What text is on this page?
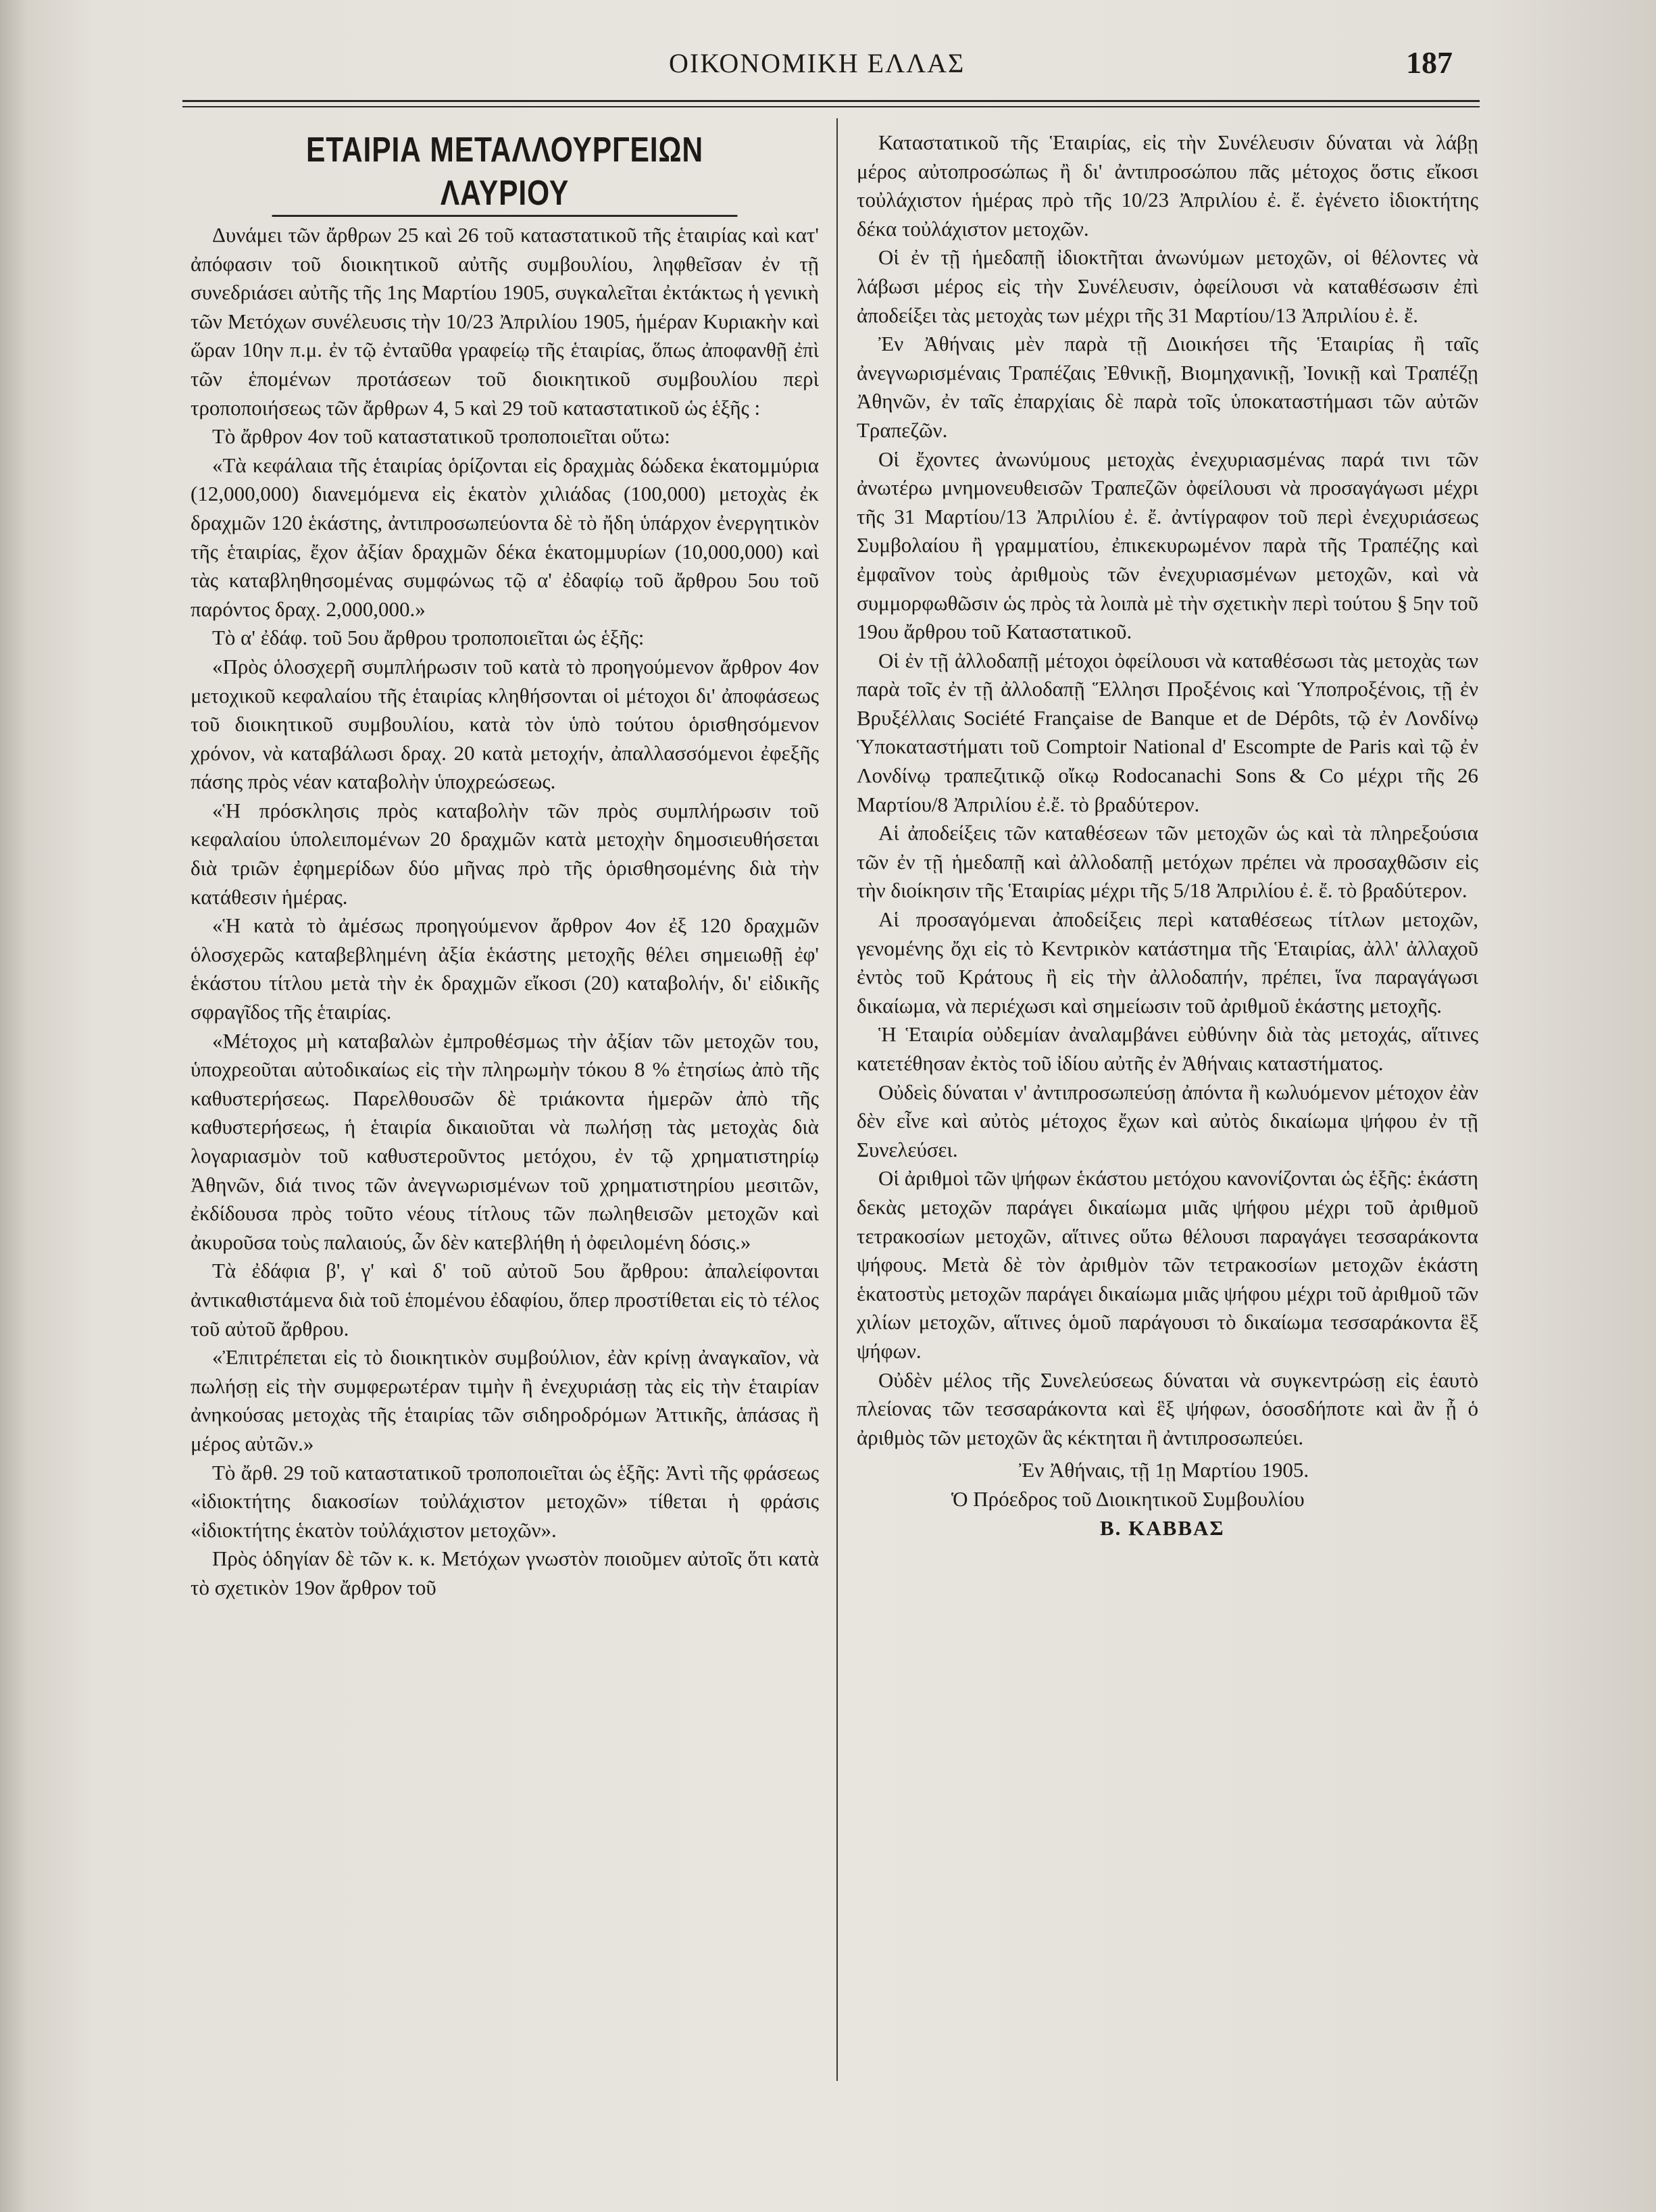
ΟΙΚΟΝΟΜΙΚΗ ΕΛΛΑΣ	187
ΕΤΑΙΡΙΑ ΜΕΤΑΛΛΟΥΡΓΕΙΩΝ ΛΑΥΡΙΟΥ

Δυνάμει τῶν ἄρθρων 25 καὶ 26 τοῦ καταστατικοῦ τῆς ἑταιρίας καὶ κατ' ἀπόφασιν τοῦ διοικητικοῦ αὐτῆς συμβουλίου, ληφθεῖσαν ἐν τῇ συνεδριάσει αὐτῆς τῆς 1ης Μαρτίου 1905, συγκαλεῖται ἐκτάκτως ἡ γενικὴ τῶν Μετόχων συνέλευσις τὴν 10/23 Ἀπριλίου 1905, ἡμέραν Κυριακὴν καὶ ὥραν 10ην π.μ. ἐν τῷ ἐνταῦθα γραφείῳ τῆς ἑταιρίας, ὅπως ἀποφανθῇ ἐπὶ τῶν ἑπομένων προτάσεων τοῦ διοικητικοῦ συμβουλίου περὶ τροποποιήσεως τῶν ἄρθρων 4, 5 καὶ 29 τοῦ καταστατικοῦ ὡς ἑξῆς :

Τὸ ἄρθρον 4ον τοῦ καταστατικοῦ τροποποιεῖται οὕτω:

«Τὰ κεφάλαια τῆς ἑταιρίας ὁρίζονται εἰς δραχμὰς δώδεκα ἑκατομμύρια (12,000,000) διανεμόμενα εἰς ἑκατὸν χιλιάδας (100,000) μετοχὰς ἐκ δραχμῶν 120 ἑκάστης, ἀντιπροσωπεύοντα δὲ τὸ ἤδη ὑπάρχον ἐνεργητικὸν τῆς ἑταιρίας, ἔχον ἀξίαν δραχμῶν δέκα ἑκατομμυρίων (10,000,000) καὶ τὰς καταβληθησομένας συμφώνως τῷ α' ἐδαφίῳ τοῦ ἄρθρου 5ου τοῦ παρόντος δραχ. 2,000,000.»

Τὸ α' ἐδάφ. τοῦ 5ου ἄρθρου τροποποιεῖται ὡς ἑξῆς:

«Πρὸς ὁλοσχερῆ συμπλήρωσιν τοῦ κατὰ τὸ προηγούμενον ἄρθρον 4ον μετοχικοῦ κεφαλαίου τῆς ἑταιρίας κληθήσονται οἱ μέτοχοι δι' ἀποφάσεως τοῦ διοικητικοῦ συμβουλίου, κατὰ τὸν ὑπὸ τούτου ὁρισθησόμενον χρόνον, νὰ καταβάλωσι δραχ. 20 κατὰ μετοχήν, ἀπαλλασσόμενοι ἐφεξῆς πάσης πρὸς νέαν καταβολὴν ὑποχρεώσεως.

«Ἡ πρόσκλησις πρὸς καταβολὴν τῶν πρὸς συμπλήρωσιν τοῦ κεφαλαίου ὑπολειπομένων 20 δραχμῶν κατὰ μετοχὴν δημοσιευθήσεται διὰ τριῶν ἐφημερίδων δύο μῆνας πρὸ τῆς ὁρισθησομένης διὰ τὴν κατάθεσιν ἡμέρας.

«Ἡ κατὰ τὸ ἀμέσως προηγούμενον ἄρθρον 4ον ἐξ 120 δραχμῶν ὁλοσχερῶς καταβεβλημένη ἀξία ἑκάστης μετοχῆς θέλει σημειωθῇ ἐφ' ἑκάστου τίτλου μετὰ τὴν ἐκ δραχμῶν εἴκοσι (20) καταβολήν, δι' εἰδικῆς σφραγῖδος τῆς ἑταιρίας.

«Μέτοχος μὴ καταβαλὼν ἐμπροθέσμως τὴν ἀξίαν τῶν μετοχῶν του, ὑποχρεοῦται αὐτοδικαίως εἰς τὴν πληρωμὴν τόκου 8 % ἐτησίως ἀπὸ τῆς καθυστερήσεως. Παρελθουσῶν δὲ τριάκοντα ἡμερῶν ἀπὸ τῆς καθυστερήσεως, ἡ ἑταιρία δικαιοῦται νὰ πωλήσῃ τὰς μετοχὰς διὰ λογαριασμὸν τοῦ καθυστεροῦντος μετόχου, ἐν τῷ χρηματιστηρίῳ Ἀθηνῶν, διά τινος τῶν ἀνεγνωρισμένων τοῦ χρηματιστηρίου μεσιτῶν, ἐκδίδουσα πρὸς τοῦτο νέους τίτλους τῶν πωληθεισῶν μετοχῶν καὶ ἀκυροῦσα τοὺς παλαιούς, ὧν δὲν κατεβλήθη ἡ ὀφειλομένη δόσις.»

Τὰ ἐδάφια β', γ' καὶ δ' τοῦ αὐτοῦ 5ου ἄρθρου: ἀπαλείφονται ἀντικαθιστάμενα διὰ τοῦ ἑπομένου ἐδαφίου, ὅπερ προστίθεται εἰς τὸ τέλος τοῦ αὐτοῦ ἄρθρου.

«Ἐπιτρέπεται εἰς τὸ διοικητικὸν συμβούλιον, ἐὰν κρίνῃ ἀναγκαῖον, νὰ πωλήσῃ εἰς τὴν συμφερωτέραν τιμὴν ἢ ἐνεχυριάσῃ τὰς εἰς τὴν ἑταιρίαν ἀνηκούσας μετοχὰς τῆς ἑταιρίας τῶν σιδηροδρόμων Ἀττικῆς, ἁπάσας ἢ μέρος αὐτῶν.»

Τὸ ἄρθ. 29 τοῦ καταστατικοῦ τροποποιεῖται ὡς ἑξῆς: Ἀντὶ τῆς φράσεως «ἰδιοκτήτης διακοσίων τοὐλάχιστον μετοχῶν» τίθεται ἡ φράσις «ἰδιοκτήτης ἑκατὸν τοὐλάχιστον μετοχῶν».

Πρὸς ὁδηγίαν δὲ τῶν κ. κ. Μετόχων γνωστὸν ποιοῦμεν αὐτοῖς ὅτι κατὰ τὸ σχετικὸν 19ον ἄρθρον τοῦ

Καταστατικοῦ τῆς Ἑταιρίας, εἰς τὴν Συνέλευσιν δύναται νὰ λάβῃ μέρος αὐτοπροσώπως ἢ δι' ἀντιπροσώπου πᾶς μέτοχος ὅστις εἴκοσι τοὐλάχιστον ἡμέρας πρὸ τῆς 10/23 Ἀπριλίου ἐ. ἔ. ἐγένετο ἰδιοκτήτης δέκα τοὐλάχιστον μετοχῶν.

Οἱ ἐν τῇ ἡμεδαπῇ ἰδιοκτῆται ἀνωνύμων μετοχῶν, οἱ θέλοντες νὰ λάβωσι μέρος εἰς τὴν Συνέλευσιν, ὀφείλουσι νὰ καταθέσωσιν ἐπὶ ἀποδείξει τὰς μετοχὰς των μέχρι τῆς 31 Μαρτίου/13 Ἀπριλίου ἐ. ἔ.

Ἐν Ἀθήναις μὲν παρὰ τῇ Διοικήσει τῆς Ἑταιρίας ἢ ταῖς ἀνεγνωρισμέναις Τραπέζαις Ἐθνικῇ, Βιομηχανικῇ, Ἰονικῇ καὶ Τραπέζῃ Ἀθηνῶν, ἐν ταῖς ἐπαρχίαις δὲ παρὰ τοῖς ὑποκαταστήμασι τῶν αὐτῶν Τραπεζῶν.

Οἱ ἔχοντες ἀνωνύμους μετοχὰς ἐνεχυριασμένας παρά τινι τῶν ἀνωτέρω μνημονευθεισῶν Τραπεζῶν ὀφείλουσι νὰ προσαγάγωσι μέχρι τῆς 31 Μαρτίου/13 Ἀπριλίου ἐ. ἔ. ἀντίγραφον τοῦ περὶ ἐνεχυριάσεως Συμβολαίου ἢ γραμματίου, ἐπικεκυρωμένον παρὰ τῆς Τραπέζης καὶ ἐμφαῖνον τοὺς ἀριθμοὺς τῶν ἐνεχυριασμένων μετοχῶν, καὶ νὰ συμμορφωθῶσιν ὡς πρὸς τὰ λοιπὰ μὲ τὴν σχετικὴν περὶ τούτου § 5ην τοῦ 19ου ἄρθρου τοῦ Καταστατικοῦ.

Οἱ ἐν τῇ ἀλλοδαπῇ μέτοχοι ὀφείλουσι νὰ καταθέσωσι τὰς μετοχὰς των παρὰ τοῖς ἐν τῇ ἀλλοδαπῇ Ἕλλησι Προξένοις καὶ Ὑποπροξένοις, τῇ ἐν Βρυξέλλαις Société Française de Banque et de Dépôts, τῷ ἐν Λονδίνῳ Ὑποκαταστήματι τοῦ Comptoir National d' Escompte de Paris καὶ τῷ ἐν Λονδίνῳ τραπεζιτικῷ οἴκῳ Rodocanachi Sons & Co μέχρι τῆς 26 Μαρτίου/8 Ἀπριλίου ἐ.ἔ. τὸ βραδύτερον.

Αἱ ἀποδείξεις τῶν καταθέσεων τῶν μετοχῶν ὡς καὶ τὰ πληρεξούσια τῶν ἐν τῇ ἡμεδαπῇ καὶ ἀλλοδαπῇ μετόχων πρέπει νὰ προσαχθῶσιν εἰς τὴν διοίκησιν τῆς Ἑταιρίας μέχρι τῆς 5/18 Ἀπριλίου ἐ. ἔ. τὸ βραδύτερον.

Αἱ προσαγόμεναι ἀποδείξεις περὶ καταθέσεως τίτλων μετοχῶν, γενομένης ὄχι εἰς τὸ Κεντρικὸν κατάστημα τῆς Ἑταιρίας, ἀλλ' ἀλλαχοῦ ἐντὸς τοῦ Κράτους ἢ εἰς τὴν ἀλλοδαπήν, πρέπει, ἵνα παραγάγωσι δικαίωμα, νὰ περιέχωσι καὶ σημείωσιν τοῦ ἀριθμοῦ ἑκάστης μετοχῆς.

Ἡ Ἑταιρία οὐδεμίαν ἀναλαμβάνει εὐθύνην διὰ τὰς μετοχάς, αἵτινες κατετέθησαν ἐκτὸς τοῦ ἰδίου αὐτῆς ἐν Ἀθήναις καταστήματος.

Οὐδεὶς δύναται ν' ἀντιπροσωπεύσῃ ἀπόντα ἢ κωλυόμενον μέτοχον ἐὰν δὲν εἶνε καὶ αὐτὸς μέτοχος ἔχων καὶ αὐτὸς δικαίωμα ψήφου ἐν τῇ Συνελεύσει.

Οἱ ἀριθμοὶ τῶν ψήφων ἑκάστου μετόχου κανονίζονται ὡς ἑξῆς: ἑκάστη δεκὰς μετοχῶν παράγει δικαίωμα μιᾶς ψήφου μέχρι τοῦ ἀριθμοῦ τετρακοσίων μετοχῶν, αἵτινες οὕτω θέλουσι παραγάγει τεσσαράκοντα ψήφους. Μετὰ δὲ τὸν ἀριθμὸν τῶν τετρακοσίων μετοχῶν ἑκάστη ἑκατοστὺς μετοχῶν παράγει δικαίωμα μιᾶς ψήφου μέχρι τοῦ ἀριθμοῦ τῶν χιλίων μετοχῶν, αἵτινες ὁμοῦ παράγουσι τὸ δικαίωμα τεσσαράκοντα ἓξ ψήφων.

Οὐδὲν μέλος τῆς Συνελεύσεως δύναται νὰ συγκεντρώσῃ εἰς ἑαυτὸ πλείονας τῶν τεσσαράκοντα καὶ ἓξ ψήφων, ὁσοσδήποτε καὶ ἂν ᾖ ὁ ἀριθμὸς τῶν μετοχῶν ἃς κέκτηται ἢ ἀντιπροσωπεύει.

Ἐν Ἀθήναις, τῇ 1ῃ Μαρτίου 1905.
Ὁ Πρόεδρος τοῦ Διοικητικοῦ Συμβουλίου
Β. ΚΑΒΒΑΣ
